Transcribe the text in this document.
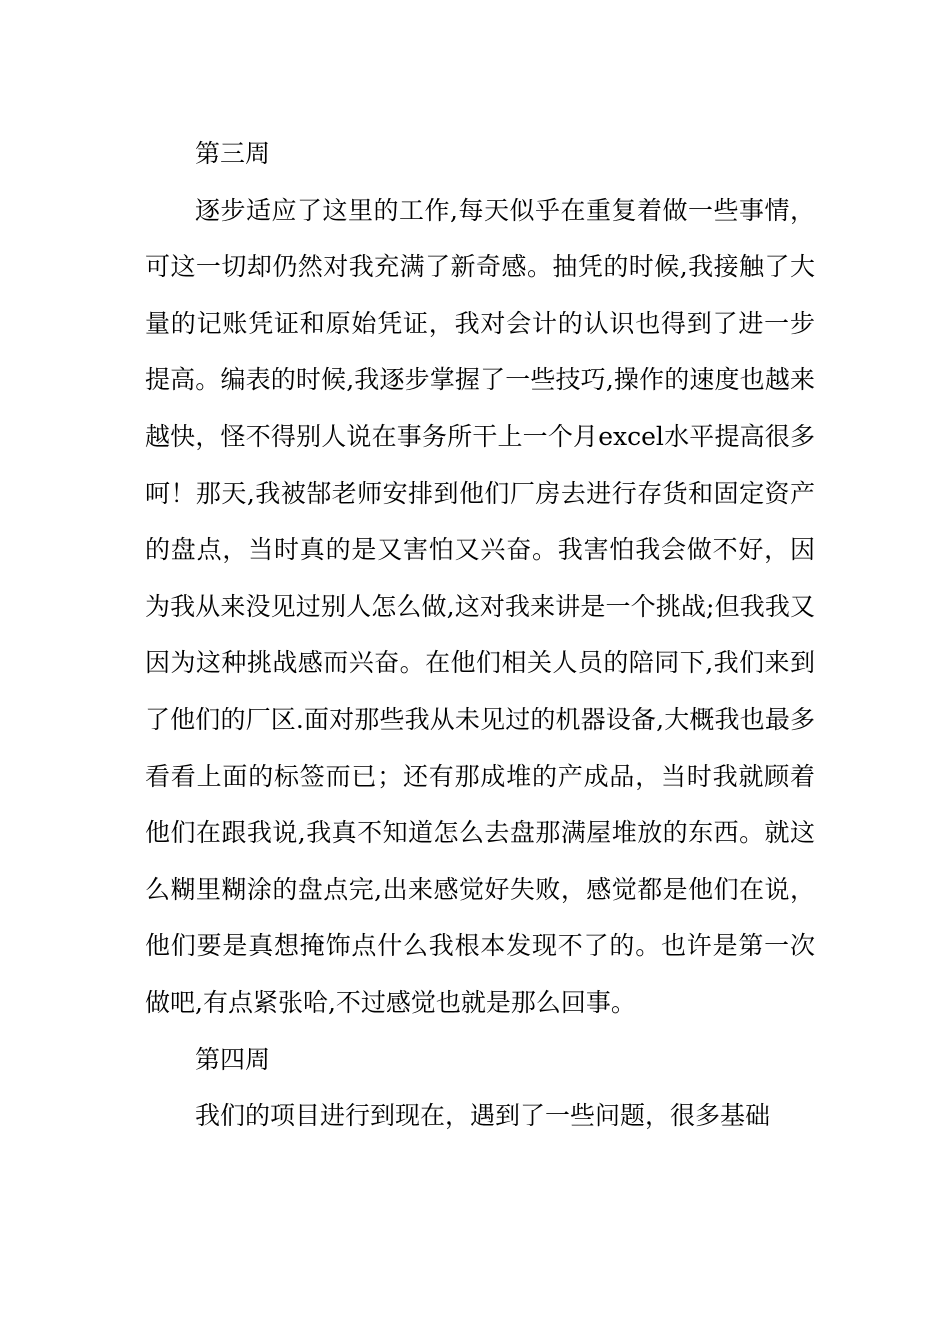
第三周

逐步适应了这里的工作,每天似乎在重复着做一些事情，可这一切却仍然对我充满了新奇感。抽凭的时候,我接触了大量的记账凭证和原始凭证，我对会计的认识也得到了进一步提高。编表的时候,我逐步掌握了一些技巧,操作的速度也越来越快，怪不得别人说在事务所干上一个月excel水平提高很多呵！那天,我被郜老师安排到他们厂房去进行存货和固定资产的盘点，当时真的是又害怕又兴奋。我害怕我会做不好，因为我从来没见过别人怎么做,这对我来讲是一个挑战;但我我又因为这种挑战感而兴奋。在他们相关人员的陪同下,我们来到了他们的厂区.面对那些我从未见过的机器设备,大概我也最多看看上面的标签而已；还有那成堆的产成品，当时我就顾着他们在跟我说,我真不知道怎么去盘那满屋堆放的东西。就这么糊里糊涂的盘点完,出来感觉好失败，感觉都是他们在说，他们要是真想掩饰点什么我根本发现不了的。也许是第一次做吧,有点紧张哈,不过感觉也就是那么回事。

第四周

我们的项目进行到现在，遇到了一些问题，很多基础
